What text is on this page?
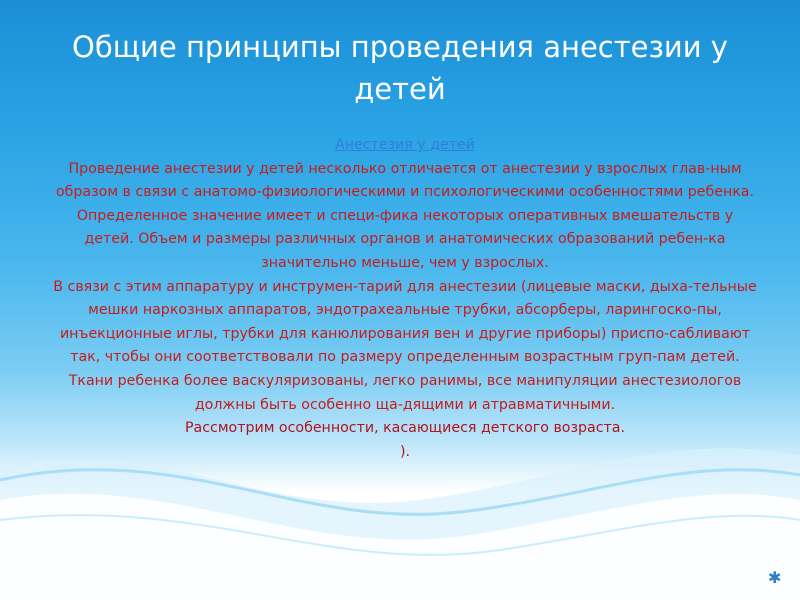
Общие принципы проведения анестезии у детей

Анестезия у детей

Проведение анестезии у детей несколько отличается от анестезии у взрослых глав-ным образом в связи с анатомо-физиологическими и психологическими особенностями ребенка.

Определенное значение имеет и специ-фика некоторых оперативных вмешательств у детей. Объем и размеры различных органов и анатомических образований ребен-ка значительно меньше, чем у взрослых.

В связи с этим аппаратуру и инструмен-тарий для анестезии (лицевые маски, дыха-тельные мешки наркозных аппаратов, эндотрахеальные трубки, абсорберы, ларингоско-пы, инъекционные иглы, трубки для канюлирования вен и другие приборы) приспо-сабливают так, чтобы они соответствовали по размеру определенным возрастным груп-пам детей. Ткани ребенка более васкуляризованы, легко ранимы, все манипуляции анестезиологов должны быть особенно ща-дящими и атравматичными.

Рассмотрим особенности, касающиеся детского возраста.

).

✱
